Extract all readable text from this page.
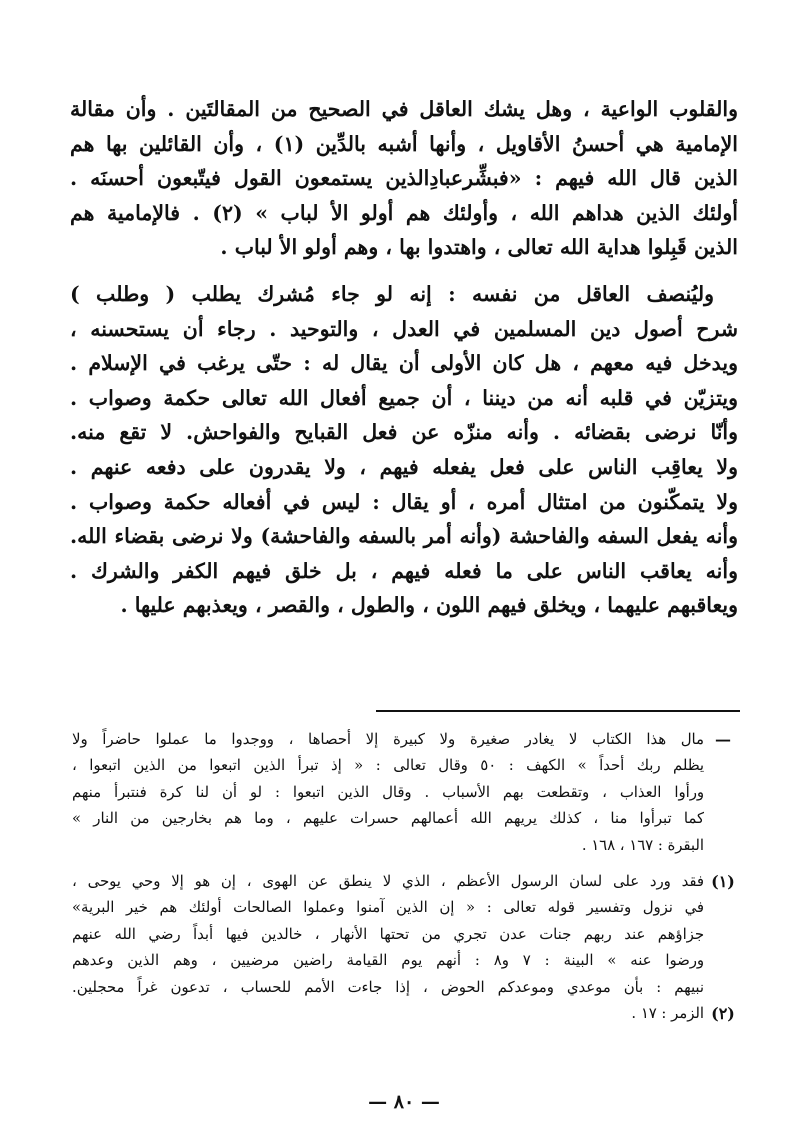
والقلوب الواعية ، وهل يشك العاقل في الصحيح من المقالتَين . وأن مقالة
الإمامية هي أحسنُ الأقاويل ، وأنها أشبه بالدِّين (١) ، وأن القائلين بها هم
الذين قال الله فيهم : «فبشِّرعبادِالذين يستمعون القول فيتّبعون أحسنَه .
أولئك الذين هداهم الله ، وأولئك هم أولو الأ لباب » (٢) . فالإمامية هم
الذين قَبِلوا هداية الله تعالى ، واهتدوا بها ، وهم أولو الأ لباب .
وليُنصف العاقل من نفسه : إنه لو جاء مُشرك يطلب ( وطلب )
شرح أصول دين المسلمين في العدل ، والتوحيد . رجاء أن يستحسنه ،
ويدخل فيه معهم ، هل كان الأولى أن يقال له : حتّى يرغب في الإسلام .
ويتزيّن في قلبه أنه من ديننا ، أن جميع أفعال الله تعالى حكمة وصواب .
وأنّا نرضى بقضائه . وأنه منزّه عن فعل القبايح والفواحش. لا تقع منه.
ولا يعاقِب الناس على فعل يفعله فيهم ، ولا يقدرون على دفعه عنهم .
ولا يتمكّنون من امتثال أمره ، أو يقال : ليس في أفعاله حكمة وصواب .
وأنه يفعل السفه والفاحشة (وأنه أمر بالسفه والفاحشة) ولا نرضى بقضاء الله.
وأنه يعاقب الناس على ما فعله فيهم ، بل خلق فيهم الكفر والشرك .
ويعاقبهم عليهما ، ويخلق فيهم اللون ، والطول ، والقصر ، ويعذبهم عليها .
—
مال هذا الكتاب لا يغادر صغيرة ولا كبيرة إلا أحصاها ، ووجدوا ما عملوا حاضراً ولا
يظلم ربك أحداً » الكهف : ٥٠ وقال تعالى : « إذ تبرأ الذين اتبعوا من الذين اتبعوا ،
ورأوا العذاب ، وتقطعت بهم الأسباب . وقال الذين اتبعوا : لو أن لنا كرة فنتبرأ منهم
كما تبرأوا منا ، كذلك يريهم الله أعمالهم حسرات عليهم ، وما هم بخارجين من النار »
البقرة : ١٦٧ ، ١٦٨ .
(١)
فقد ورد على لسان الرسول الأعظم ، الذي لا ينطق عن الهوى ، إن هو إلا وحي يوحى ،
في نزول وتفسير قوله تعالى : « إن الذين آمنوا وعملوا الصالحات أولئك هم خير البرية»
جزاؤهم عند ربهم جنات عدن تجري من تحتها الأنهار ، خالدين فيها أبداً رضي الله عنهم
ورضوا عنه » البينة : ٧ و٨ : أنهم يوم القيامة راضين مرضيين ، وهم الذين وعدهم
نبيهم : بأن موعدي وموعدكم الحوض ، إذا جاءت الأمم للحساب ، تدعون غراً محجلين.
(٢)
الزمر : ١٧ .
— ٨٠ —
